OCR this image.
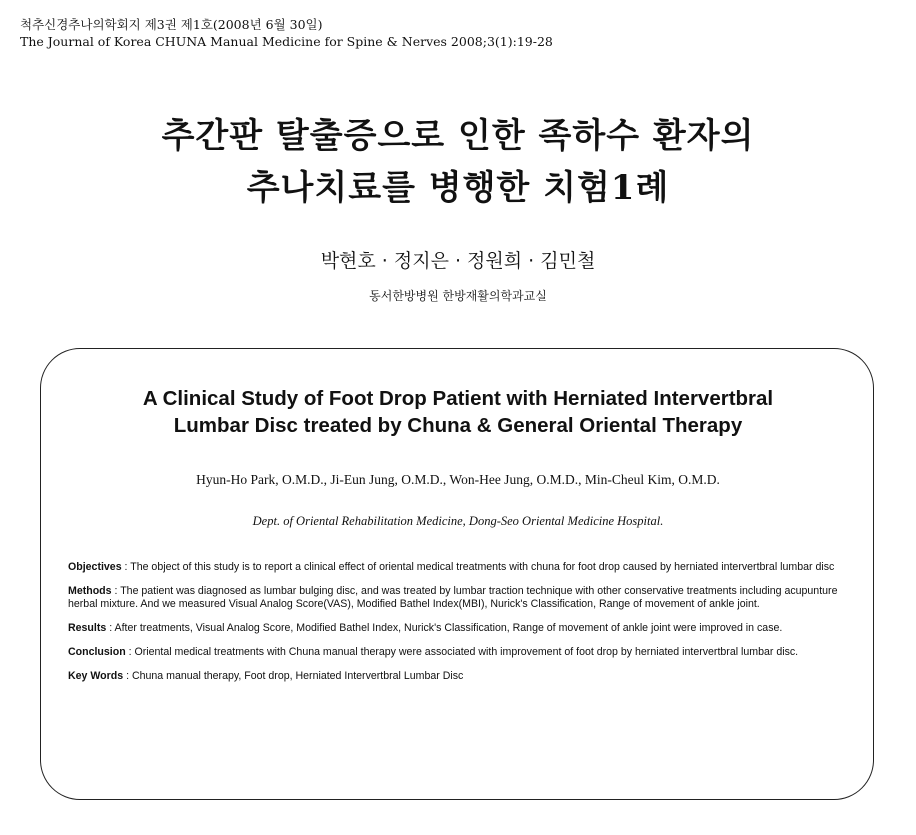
척추신경추나의학회지 제3권 제1호(2008년 6월 30일)
The Journal of Korea CHUNA Manual Medicine for Spine & Nerves 2008;3(1):19-28
추간판 탈출증으로 인한 족하수 환자의
추나치료를 병행한 치험1례
박현호 · 정지은 · 정원희 · 김민철
동서한방병원 한방재활의학과교실
A Clinical Study of Foot Drop Patient with Herniated Intervertbral
Lumbar Disc treated by Chuna & General Oriental Therapy
Hyun-Ho Park, O.M.D., Ji-Eun Jung, O.M.D., Won-Hee Jung, O.M.D., Min-Cheul Kim, O.M.D.
Dept. of Oriental Rehabilitation Medicine, Dong-Seo Oriental Medicine Hospital.
Objectives : The object of this study is to report a clinical effect of oriental medical treatments with chuna for foot drop caused by herniated intervertbral lumbar disc
Methods : The patient was diagnosed as lumbar bulging disc, and was treated by lumbar traction technique with other conservative treatments including acupunture herbal mixture. And we measured Visual Analog Score(VAS), Modified Bathel Index(MBI), Nurick's Classification, Range of movement of ankle joint.
Results : After treatments, Visual Analog Score, Modified Bathel Index, Nurick's Classification, Range of movement of ankle joint were improved in case.
Conclusion : Oriental medical treatments with Chuna manual therapy were associated with improvement of foot drop by herniated intervertbral lumbar disc.
Key Words : Chuna manual therapy, Foot drop, Herniated Intervertbral Lumbar Disc
